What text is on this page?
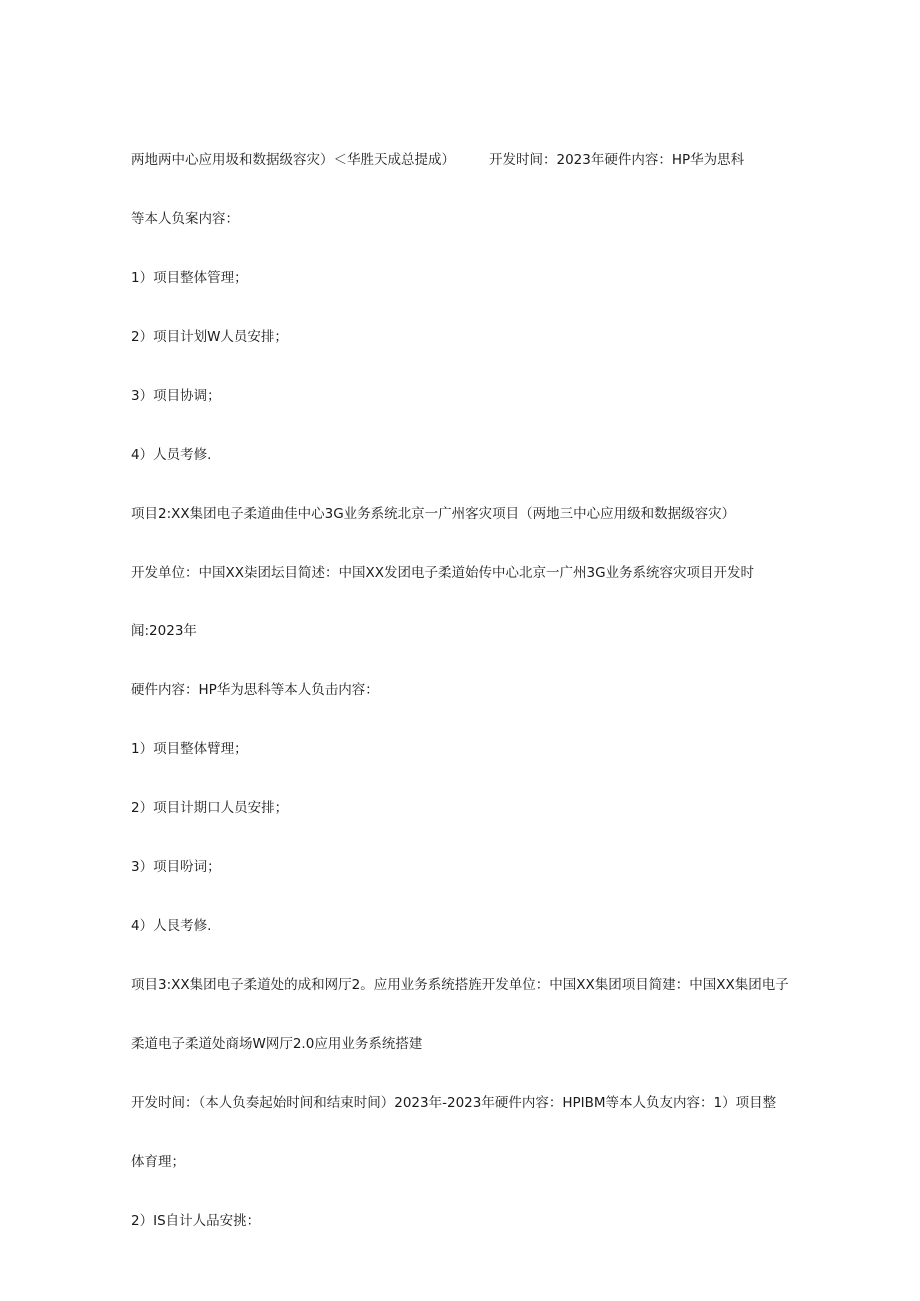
两地两中心应用圾和数据级容灾）＜华胜天成总提成）	开发时间：2023年硬件内容：HP华为思科
等本人负案内容：
1）项目整体管理；
2）项目计划W人员安排；
3）项目协调；
4）人员考修.
项目2:XX集团电子柔道曲佳中心3G业务系统北京一广州客灾项目（两地三中心应用级和数据级容灾）
开发单位：中国XX柒团坛目简述：中国XX发团电子柔道始传中心北京一广州3G业务系统容灾项目开发时
闻:2023年
硬件内容：HP华为思科等本人负击内容：
1）项目整体臂理；
2）项目计期口人员安排；
3）项目吩词；
4）人艮考修.
项目3:XX集团电子柔道处的成和网厅2。应用业务系统搭旌开发单位：中国XX集团项目简建：中国XX集团电子
柔道电子柔道处商场W网厅2.0应用业务系统搭建
开发时间：（本人负奏起始时间和结束时间）2023年-2023年硬件内容：HPIBM等本人负友内容：1）项目整
体育理；
2）IS自计人品安挑：
